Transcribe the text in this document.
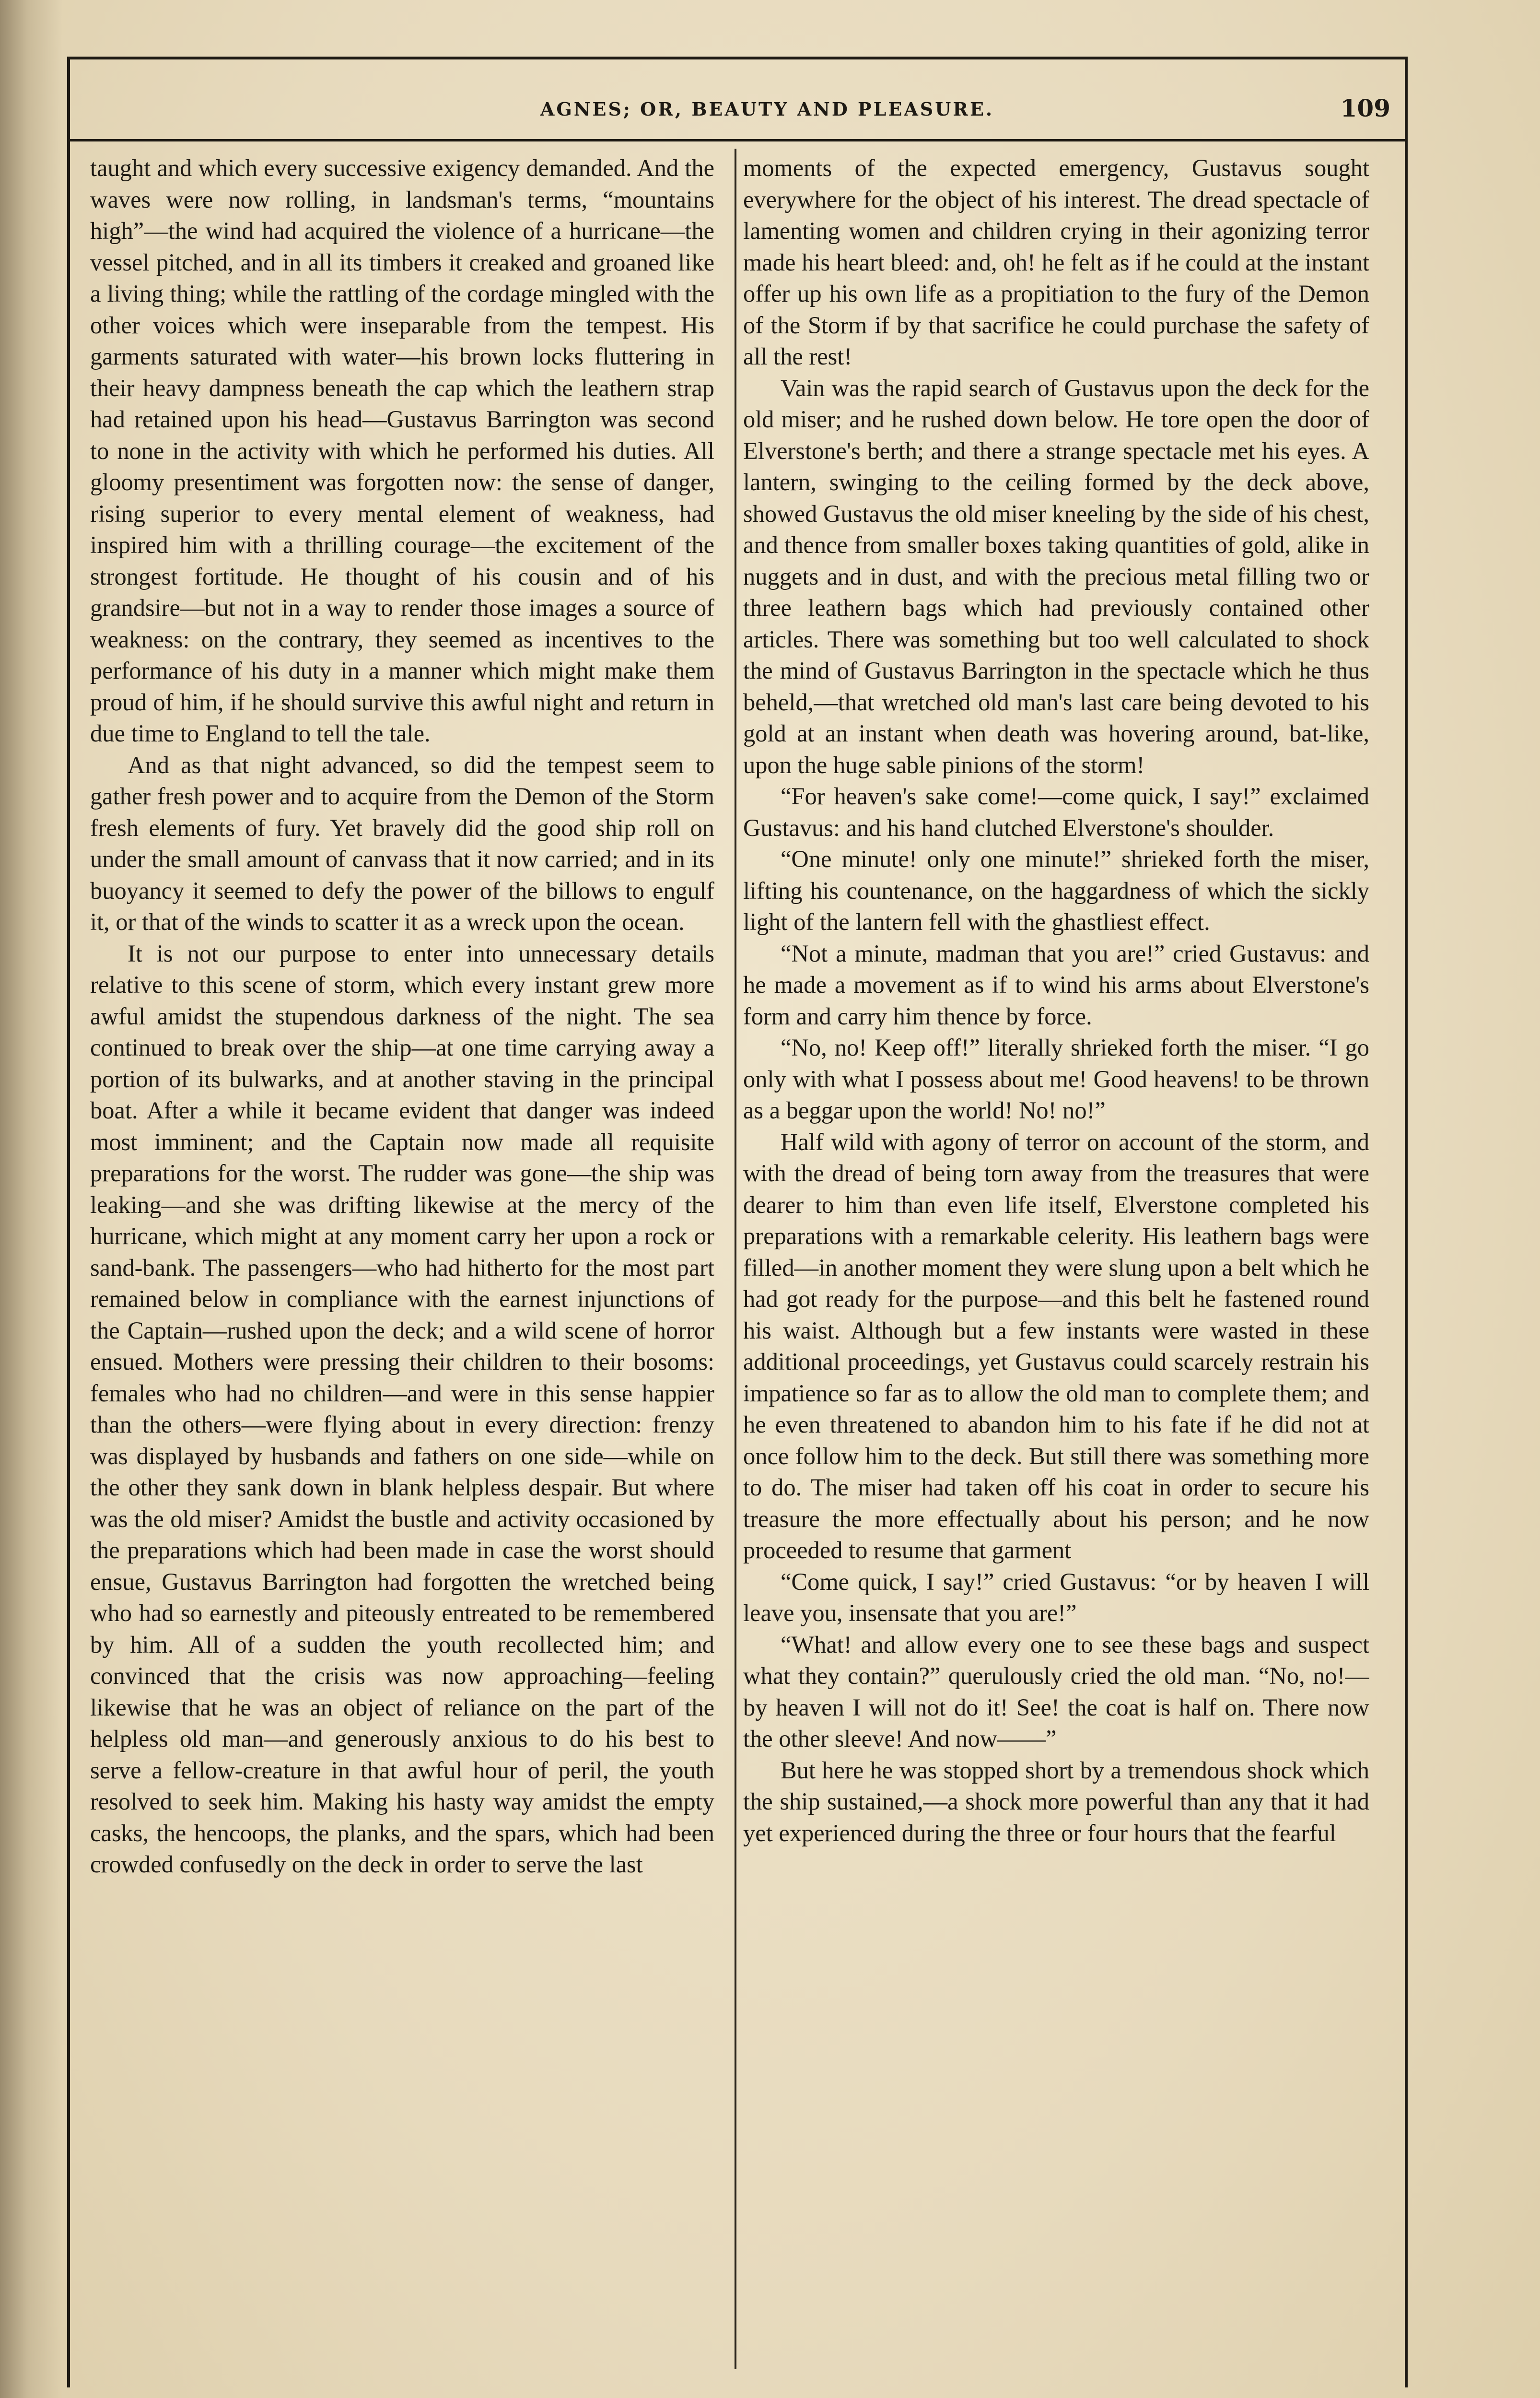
AGNES; OR, BEAUTY AND PLEASURE.	109

taught and which every successive exigency demanded. And the waves were now rolling, in landsman's terms, “mountains high”—the wind had acquired the violence of a hurricane—the vessel pitched, and in all its timbers it creaked and groaned like a living thing; while the rattling of the cordage mingled with the other voices which were inseparable from the tempest. His garments saturated with water—his brown locks fluttering in their heavy dampness beneath the cap which the leathern strap had retained upon his head—Gustavus Barrington was second to none in the activity with which he performed his duties. All gloomy presentiment was forgotten now: the sense of danger, rising superior to every mental element of weakness, had inspired him with a thrilling courage—the excitement of the strongest fortitude. He thought of his cousin and of his grandsire—but not in a way to render those images a source of weakness: on the contrary, they seemed as incentives to the performance of his duty in a manner which might make them proud of him, if he should survive this awful night and return in due time to England to tell the tale.

And as that night advanced, so did the tempest seem to gather fresh power and to acquire from the Demon of the Storm fresh elements of fury. Yet bravely did the good ship roll on under the small amount of canvass that it now carried; and in its buoyancy it seemed to defy the power of the billows to engulf it, or that of the winds to scatter it as a wreck upon the ocean.

It is not our purpose to enter into unnecessary details relative to this scene of storm, which every instant grew more awful amidst the stupendous darkness of the night. The sea continued to break over the ship—at one time carrying away a portion of its bulwarks, and at another staving in the principal boat. After a while it became evident that danger was indeed most imminent; and the Captain now made all requisite preparations for the worst. The rudder was gone—the ship was leaking—and she was drifting likewise at the mercy of the hurricane, which might at any moment carry her upon a rock or sand-bank. The passengers—who had hitherto for the most part remained below in compliance with the earnest injunctions of the Captain—rushed upon the deck; and a wild scene of horror ensued. Mothers were pressing their children to their bosoms: females who had no children—and were in this sense happier than the others—were flying about in every direction: frenzy was displayed by husbands and fathers on one side—while on the other they sank down in blank helpless despair. But where was the old miser? Amidst the bustle and activity occasioned by the preparations which had been made in case the worst should ensue, Gustavus Barrington had forgotten the wretched being who had so earnestly and piteously entreated to be remembered by him. All of a sudden the youth recollected him; and convinced that the crisis was now approaching—feeling likewise that he was an object of reliance on the part of the helpless old man—and generously anxious to do his best to serve a fellow-creature in that awful hour of peril, the youth resolved to seek him. Making his hasty way amidst the empty casks, the hencoops, the planks, and the spars, which had been crowded confusedly on the deck in order to serve the last

moments of the expected emergency, Gustavus sought everywhere for the object of his interest. The dread spectacle of lamenting women and children crying in their agonizing terror made his heart bleed: and, oh! he felt as if he could at the instant offer up his own life as a propitiation to the fury of the Demon of the Storm if by that sacrifice he could purchase the safety of all the rest!

Vain was the rapid search of Gustavus upon the deck for the old miser; and he rushed down below. He tore open the door of Elverstone's berth; and there a strange spectacle met his eyes. A lantern, swinging to the ceiling formed by the deck above, showed Gustavus the old miser kneeling by the side of his chest, and thence from smaller boxes taking quantities of gold, alike in nuggets and in dust, and with the precious metal filling two or three leathern bags which had previously contained other articles. There was something but too well calculated to shock the mind of Gustavus Barrington in the spectacle which he thus beheld,—that wretched old man's last care being devoted to his gold at an instant when death was hovering around, bat-like, upon the huge sable pinions of the storm!

“For heaven's sake come!—come quick, I say!” exclaimed Gustavus: and his hand clutched Elverstone's shoulder.

“One minute! only one minute!” shrieked forth the miser, lifting his countenance, on the haggardness of which the sickly light of the lantern fell with the ghastliest effect.

“Not a minute, madman that you are!” cried Gustavus: and he made a movement as if to wind his arms about Elverstone's form and carry him thence by force.

“No, no! Keep off!” literally shrieked forth the miser. “I go only with what I possess about me! Good heavens! to be thrown as a beggar upon the world! No! no!”

Half wild with agony of terror on account of the storm, and with the dread of being torn away from the treasures that were dearer to him than even life itself, Elverstone completed his preparations with a remarkable celerity. His leathern bags were filled—in another moment they were slung upon a belt which he had got ready for the purpose—and this belt he fastened round his waist. Although but a few instants were wasted in these additional proceedings, yet Gustavus could scarcely restrain his impatience so far as to allow the old man to complete them; and he even threatened to abandon him to his fate if he did not at once follow him to the deck. But still there was something more to do. The miser had taken off his coat in order to secure his treasure the more effectually about his person; and he now proceeded to resume that garment

“Come quick, I say!” cried Gustavus: “or by heaven I will leave you, insensate that you are!”

“What! and allow every one to see these bags and suspect what they contain?” querulously cried the old man. “No, no!—by heaven I will not do it! See! the coat is half on. There now the other sleeve! And now——”

But here he was stopped short by a tremendous shock which the ship sustained,—a shock more powerful than any that it had yet experienced during the three or four hours that the fearful
